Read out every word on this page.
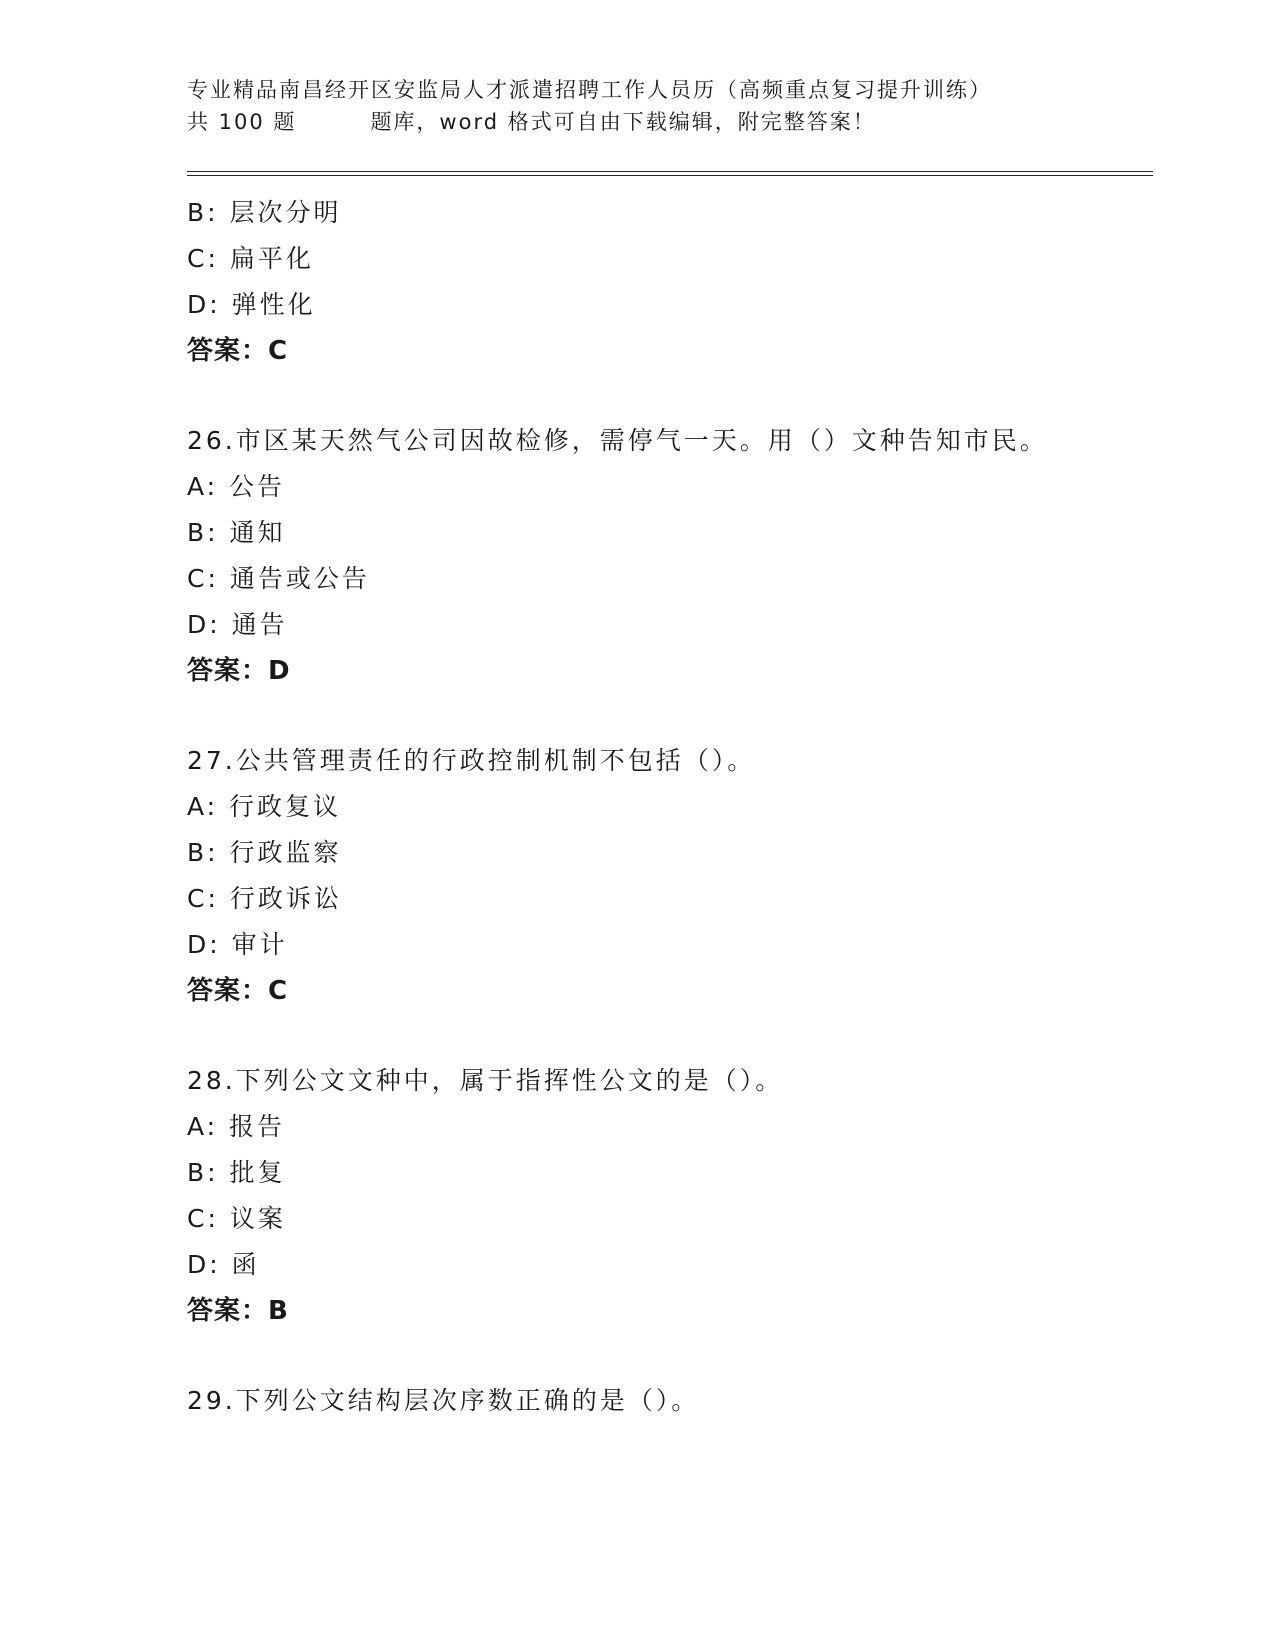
专业精品南昌经开区安监局人才派遣招聘工作人员历（高频重点复习提升训练）
共 100 题	题库，word 格式可自由下载编辑，附完整答案！
B: 层次分明
C: 扁平化
D: 弹性化
答案：C
26.市区某天然气公司因故检修，需停气一天。用（）文种告知市民。
A: 公告
B: 通知
C: 通告或公告
D: 通告
答案：D
27.公共管理责任的行政控制机制不包括（）。
A: 行政复议
B: 行政监察
C: 行政诉讼
D: 审计
答案：C
28.下列公文文种中，属于指挥性公文的是（）。
A: 报告
B: 批复
C: 议案
D: 函
答案：B
29.下列公文结构层次序数正确的是（）。
